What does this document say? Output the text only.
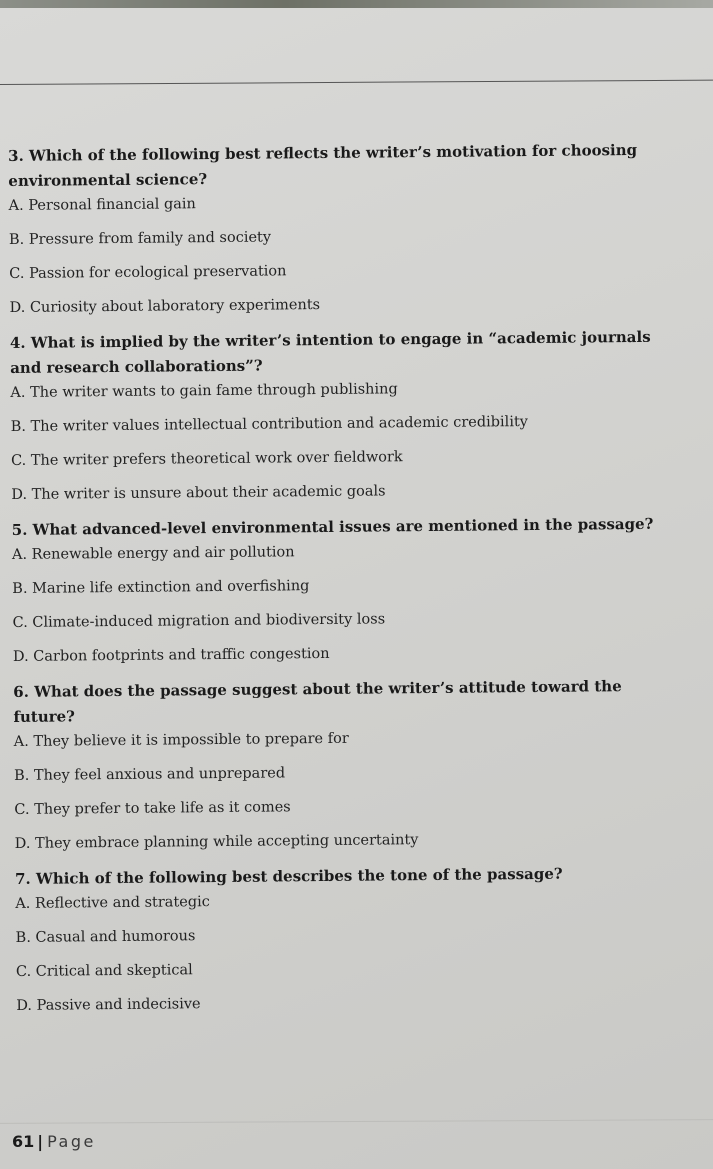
3. Which of the following best reflects the writer’s motivation for choosing environmental science?

A. Personal financial gain
B. Pressure from family and society
C. Passion for ecological preservation
D. Curiosity about laboratory experiments

4. What is implied by the writer’s intention to engage in “academic journals and research collaborations”?

A. The writer wants to gain fame through publishing
B. The writer values intellectual contribution and academic credibility
C. The writer prefers theoretical work over fieldwork
D. The writer is unsure about their academic goals

5. What advanced-level environmental issues are mentioned in the passage?

A. Renewable energy and air pollution
B. Marine life extinction and overfishing
C. Climate-induced migration and biodiversity loss
D. Carbon footprints and traffic congestion

6. What does the passage suggest about the writer’s attitude toward the future?

A. They believe it is impossible to prepare for
B. They feel anxious and unprepared
C. They prefer to take life as it comes
D. They embrace planning while accepting uncertainty

7. Which of the following best describes the tone of the passage?

A. Reflective and strategic
B. Casual and humorous
C. Critical and skeptical
D. Passive and indecisive
61 | Page
